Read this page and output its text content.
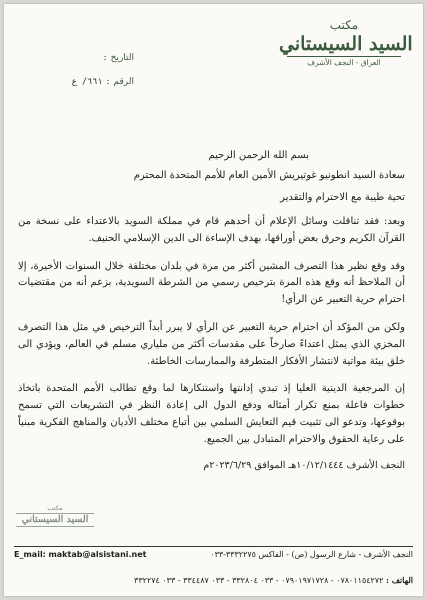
مكتب
السيد السيستاني
العراق - النجف الأشرف
التاريخ
:
الرقم
:
٦٦١/ ع

بسم الله الرحمن الرحيم

سعادة السيد انطونيو غوتيريش الأمين العام للأمم المتحدة المحترم

تحية طيبة مع الاحترام والتقدير

وبعد: فقد تناقلت وسائل الإعلام أن أحدهم قام في مملكة السويد بالاعتداء على نسخة من القرآن الكريم وحرق بعض أوراقها، بهدف الإساءة الى الدين الإسلامي الحنيف.

وقد وقع نظير هذا التصرف المشين أكثر من مرة في بلدان مختلفة خلال السنوات الأخيرة، إلا أن الملاحظ أنه وقع هذه المرة بترخيص رسمي من الشرطة السويدية، بزعم أنه من مقتضيات احترام حرية التعبير عن الرأي!

ولكن من المؤكد أن احترام حرية التعبير عن الرأي لا يبرر أبداً الترخيص في مثل هذا التصرف المخزي الذي يمثل اعتداءً صارخاً على مقدسات أكثر من ملياري مسلم في العالم، ويؤدي الى خلق بيئة مواتية لانتشار الأفكار المتطرفة والممارسات الخاطئة.

إن المرجعية الدينية العليا إذ تبدي إدانتها واستنكارها لما وقع تطالب الأمم المتحدة باتخاذ خطوات فاعلة بمنع تكرار أمثاله ودفع الدول الى إعادة النظر في التشريعات التي تسمح بوقوعها، وتدعو الى تثبيت قيم التعايش السلمي بين أتباع مختلف الأديان والمناهج الفكرية مبنياً على رعاية الحقوق والاحترام المتبادل بين الجميع.

النجف الأشرف ١٠/١٢/١٤٤٤هـ الموافق ٢٠٢٣/٦/٢٩م

مكتب
السيد السيستاني
E_mail: maktab@alsistani.net	النجف الأشرف - شارع الرسول (ص) - الفاكس ٣٣٣٢٢٧٥-٠٣٣
الهاتف : ٠٧٨٠١١٥٤٢٧٢ - ٠٧٩٠١٩٧١٧٢٨ - ٠٣٣ ٣٣٢٨٠٤ - ٠٣٣ ٣٣٤٤٨٧ - ٠٣٣ ٣٣٢٢٧٤
